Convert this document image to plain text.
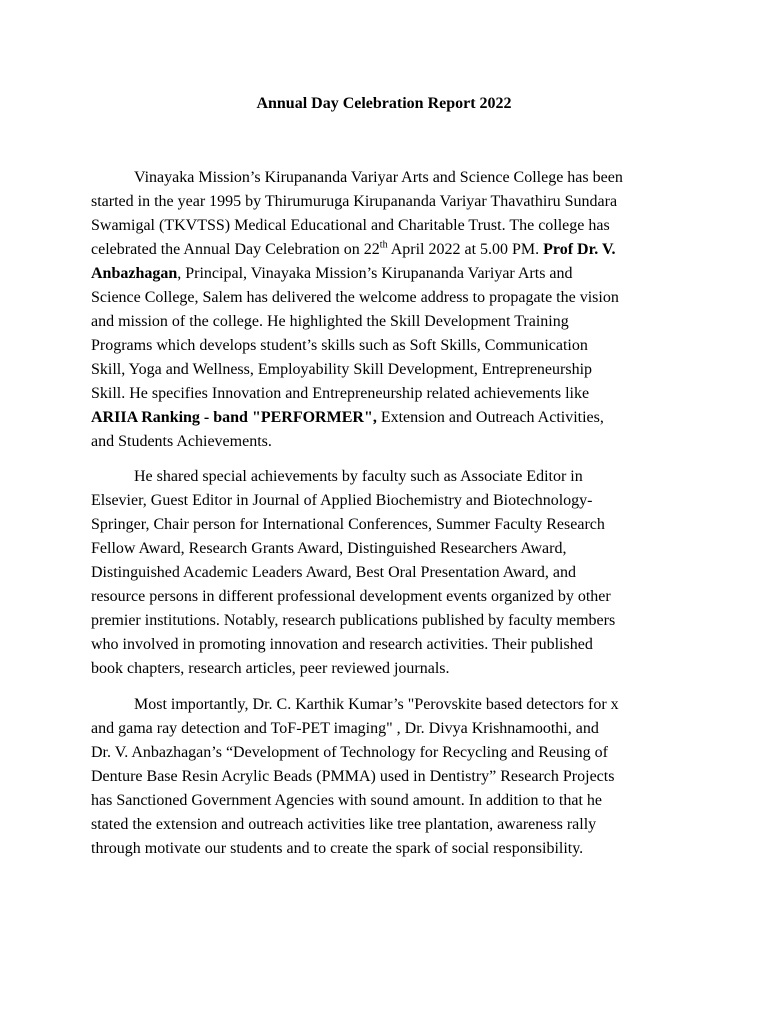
Annual Day Celebration Report 2022
Vinayaka Mission’s Kirupananda Variyar Arts and Science College has been
started in the year 1995 by Thirumuruga Kirupananda Variyar Thavathiru Sundara
Swamigal (TKVTSS) Medical Educational and Charitable Trust. The college has
celebrated the Annual Day Celebration on 22th April 2022 at 5.00 PM. Prof Dr. V.
Anbazhagan, Principal, Vinayaka Mission’s Kirupananda Variyar Arts and
Science College, Salem has delivered the welcome address to propagate the vision
and mission of the college. He highlighted the Skill Development Training
Programs which develops student’s skills such as Soft Skills, Communication
Skill, Yoga and Wellness, Employability Skill Development, Entrepreneurship
Skill. He specifies Innovation and Entrepreneurship related achievements like
ARIIA Ranking - band "PERFORMER", Extension and Outreach Activities,
and Students Achievements.
He shared special achievements by faculty such as Associate Editor in
Elsevier, Guest Editor in Journal of Applied Biochemistry and Biotechnology-
Springer, Chair person for International Conferences, Summer Faculty Research
Fellow Award, Research Grants Award, Distinguished Researchers Award,
Distinguished Academic Leaders Award, Best Oral Presentation Award, and
resource persons in different professional development events organized by other
premier institutions. Notably, research publications published by faculty members
who involved in promoting innovation and research activities. Their published
book chapters, research articles, peer reviewed journals.
Most importantly, Dr. C. Karthik Kumar’s "Perovskite based detectors for x
and gama ray detection and ToF-PET imaging" , Dr. Divya Krishnamoothi, and
Dr. V. Anbazhagan’s “Development of Technology for Recycling and Reusing of
Denture Base Resin Acrylic Beads (PMMA) used in Dentistry” Research Projects
has Sanctioned Government Agencies with sound amount. In addition to that he
stated the extension and outreach activities like tree plantation, awareness rally
through motivate our students and to create the spark of social responsibility.
